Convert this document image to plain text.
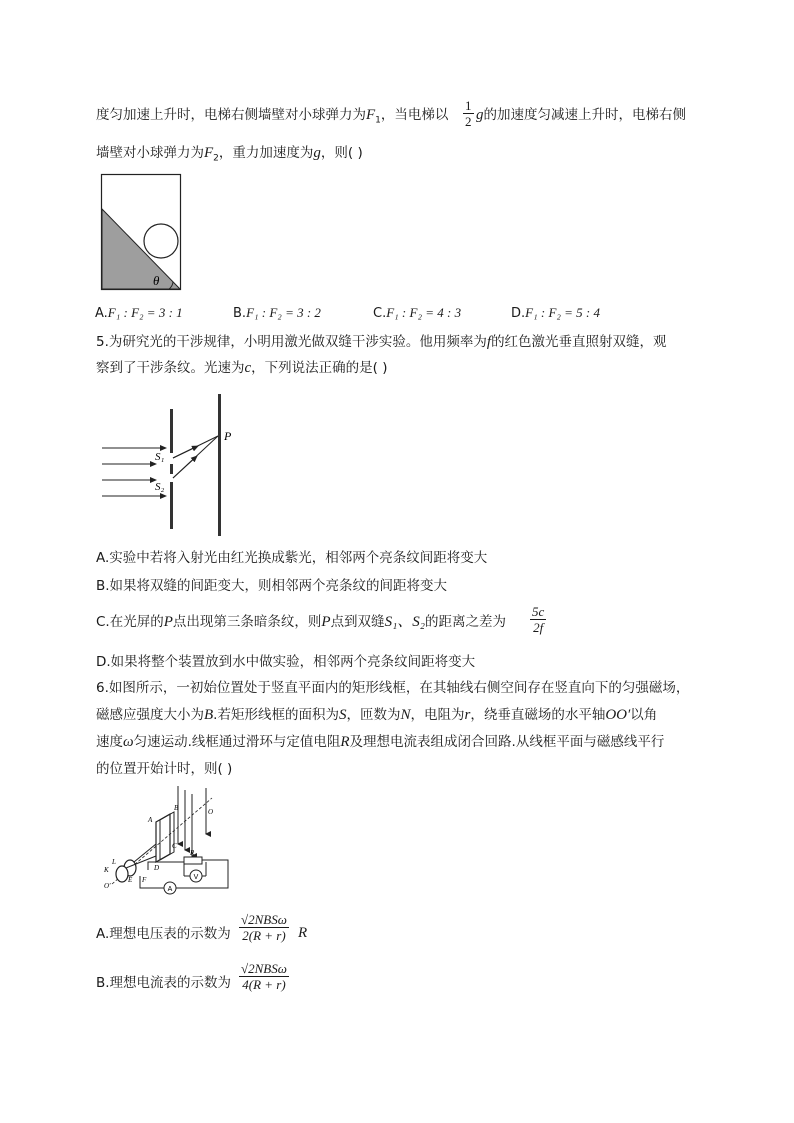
度匀加速上升时，电梯右侧墙壁对小球弹力为$F_1$，当电梯以 $\frac{1}{2}$ g的加速度匀减速上升时，电梯右侧
墙壁对小球弹力为$F_2$，重力加速度为g，则( )
θ
A.F₁ : F₂ = 3 : 1	B.F₁ : F₂ = 3 : 2	C.F₁ : F₂ = 4 : 3	D.F₁ : F₂ = 5 : 4
5.为研究光的干涉规律，小明用激光做双缝干涉实验。他用频率为f的红色激光垂直照射双缝，观
察到了干涉条纹。光速为c，下列说法正确的是( )
P
S₁
S₂
A.实验中若将入射光由红光换成紫光，相邻两个亮条纹间距将变大
B.如果将双缝的间距变大，则相邻两个亮条纹的间距将变大
C.在光屏的P点出现第三条暗条纹，则P点到双缝S₁、S₂的距离之差为 $\frac{5c}{2f}$
D.如果将整个装置放到水中做实验，相邻两个亮条纹间距将变大
6.如图所示，一初始位置处于竖直平面内的矩形线框，在其轴线右侧空间存在竖直向下的匀强磁场，
磁感应强度大小为B.若矩形线框的面积为S，匝数为N，电阻为r，绕垂直磁场的水平轴OO′以角
速度ω匀速运动.线框通过滑环与定值电阻R及理想电流表组成闭合回路.从线框平面与磁感线平行
的位置开始计时，则( )
V
A
R
K
L
E F
O′
O
A
B
C
D
A.理想电压表的示数为
√2NBSω
2(R + r) R
B.理想电流表的示数为
√2NBSω
4(R + r)
